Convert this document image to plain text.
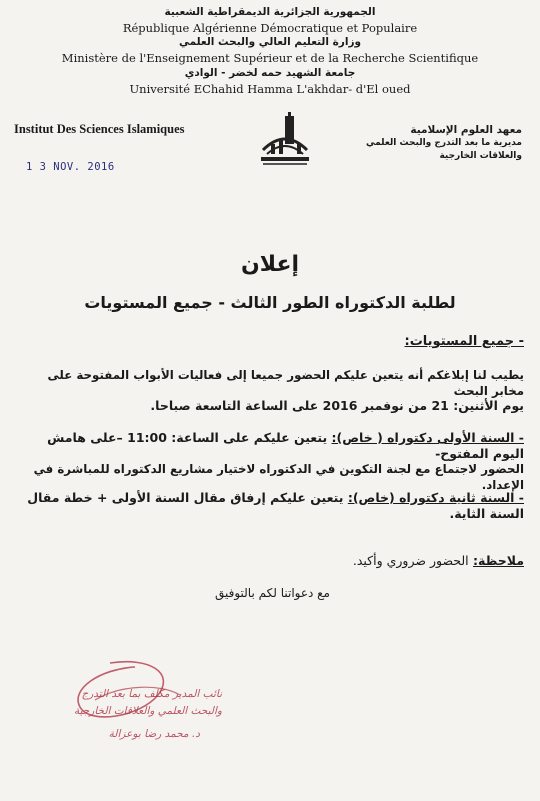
الجمهورية الجزائرية الديمقراطية الشعبية
République Algérienne Démocratique et Populaire
وزارة التعليم العالي والبحث العلمي
Ministère de l'Enseignement Supérieur et de la Recherche Scientifique
جامعة الشهيد حمه لخضر - الوادي
Université EChahid Hamma L'akhdar- d'El oued
Institut Des Sciences Islamiques	معهد العلوم الإسلامية
مديرية ما بعد التدرج والبحث العلمي
والعلاقات الخارجية
1 3 NOV. 2016
إعلان
لطلبة الدكتوراه الطور الثالث - جميع المستويات
- جميع المستويات:
يطيب لنا إبلاغكم أنه يتعين عليكم الحضور جميعا إلى فعاليات الأبواب المفتوحة على مخابر البحث
يوم الأثنين: 21 من نوفمبر 2016 على الساعة التاسعة صباحا.
- السنة الأولى دكتوراه ( خاص): يتعين عليكم على الساعة: 11:00 –على هامش اليوم المفتوح-
الحضور لاجتماع مع لجنة التكوين في الدكتوراه لاختيار مشاريع الدكتوراه للمباشرة في الإعداد.
- السنة ثانية دكتوراه (خاص): يتعين عليكم إرفاق مقال السنة الأولى + خطة مقال السنة الثاية.
ملاحظة: الحضور ضروري وأكيد.
مع دعواتنا لكم بالتوفيق
نائب المدير مكلف بما بعد التدرج
والبحث العلمي والعلاقات الخارجية
د. محمد رضا بوعزالة
